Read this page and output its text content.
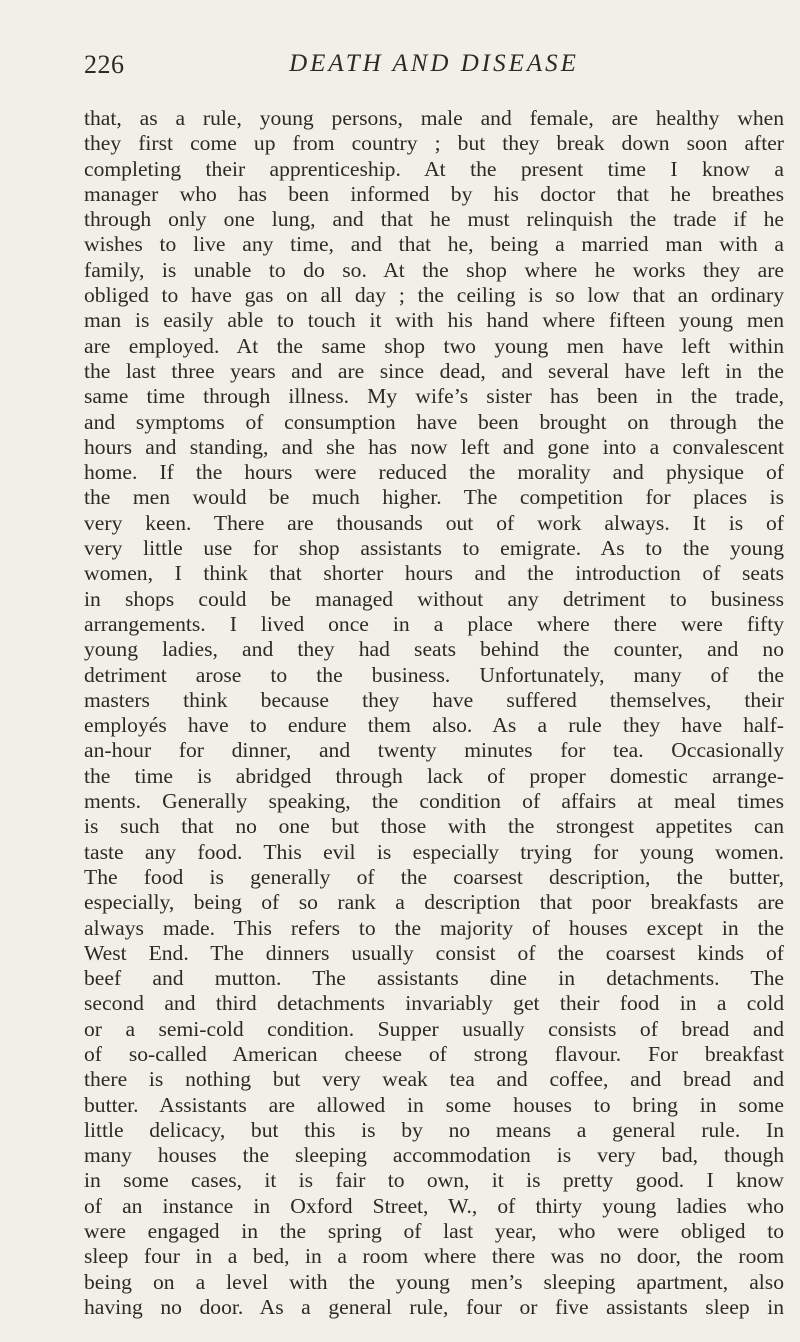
226	DEATH AND DISEASE
that, as a rule, young persons, male and female, are healthy when
they first come up from country ; but they break down soon after
completing their apprenticeship. At the present time I know a
manager who has been informed by his doctor that he breathes
through only one lung, and that he must relinquish the trade if he
wishes to live any time, and that he, being a married man with a
family, is unable to do so. At the shop where he works they are
obliged to have gas on all day ; the ceiling is so low that an ordinary
man is easily able to touch it with his hand where fifteen young men
are employed. At the same shop two young men have left within
the last three years and are since dead, and several have left in the
same time through illness. My wife’s sister has been in the trade,
and symptoms of consumption have been brought on through the
hours and standing, and she has now left and gone into a convalescent
home. If the hours were reduced the morality and physique of
the men would be much higher. The competition for places is
very keen. There are thousands out of work always. It is of
very little use for shop assistants to emigrate. As to the young
women, I think that shorter hours and the introduction of seats
in shops could be managed without any detriment to business
arrangements. I lived once in a place where there were fifty
young ladies, and they had seats behind the counter, and no
detriment arose to the business. Unfortunately, many of the
masters think because they have suffered themselves, their
employés have to endure them also. As a rule they have half-
an-hour for dinner, and twenty minutes for tea. Occasionally
the time is abridged through lack of proper domestic arrange-
ments. Generally speaking, the condition of affairs at meal times
is such that no one but those with the strongest appetites can
taste any food. This evil is especially trying for young women.
The food is generally of the coarsest description, the butter,
especially, being of so rank a description that poor breakfasts are
always made. This refers to the majority of houses except in the
West End. The dinners usually consist of the coarsest kinds of
beef and mutton. The assistants dine in detachments. The
second and third detachments invariably get their food in a cold
or a semi-cold condition. Supper usually consists of bread and
of so-called American cheese of strong flavour. For breakfast
there is nothing but very weak tea and coffee, and bread and
butter. Assistants are allowed in some houses to bring in some
little delicacy, but this is by no means a general rule. In
many houses the sleeping accommodation is very bad, though
in some cases, it is fair to own, it is pretty good. I know
of an instance in Oxford Street, W., of thirty young ladies who
were engaged in the spring of last year, who were obliged to
sleep four in a bed, in a room where there was no door, the room
being on a level with the young men’s sleeping apartment, also
having no door. As a general rule, four or five assistants sleep in
